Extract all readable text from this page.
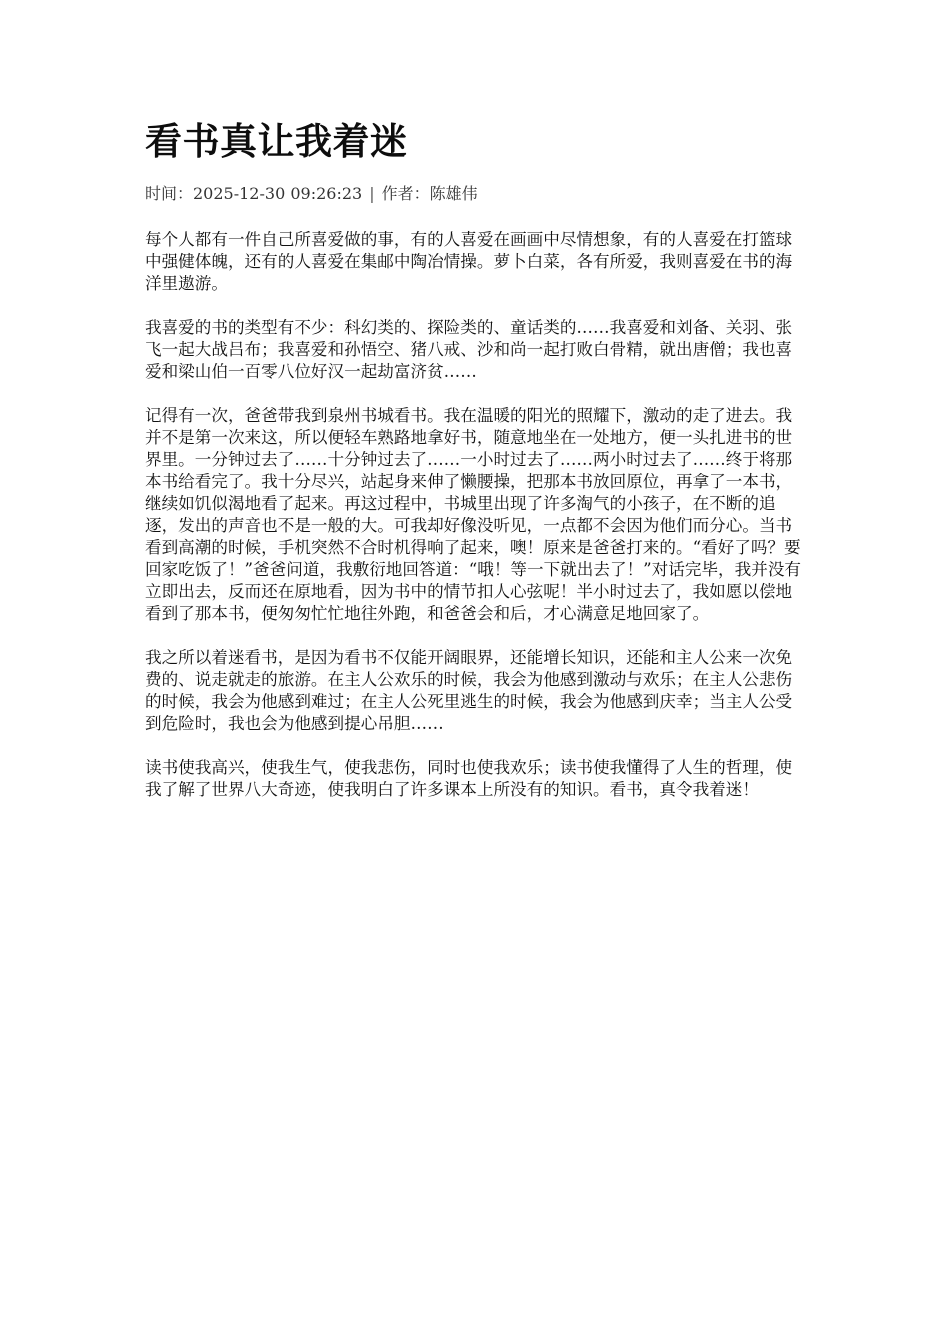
看书真让我着迷
时间：2025-12-30 09:26:23 | 作者：陈雄伟

每个人都有一件自己所喜爱做的事，有的人喜爱在画画中尽情想象，有的人喜爱在打篮球中强健体魄，还有的人喜爱在集邮中陶冶情操。萝卜白菜，各有所爱，我则喜爱在书的海洋里遨游。

我喜爱的书的类型有不少：科幻类的、探险类的、童话类的……我喜爱和刘备、关羽、张飞一起大战吕布；我喜爱和孙悟空、猪八戒、沙和尚一起打败白骨精，就出唐僧；我也喜爱和梁山伯一百零八位好汉一起劫富济贫……

记得有一次，爸爸带我到泉州书城看书。我在温暖的阳光的照耀下，激动的走了进去。我并不是第一次来这，所以便轻车熟路地拿好书，随意地坐在一处地方，便一头扎进书的世界里。一分钟过去了……十分钟过去了……一小时过去了……两小时过去了……终于将那本书给看完了。我十分尽兴，站起身来伸了懒腰操，把那本书放回原位，再拿了一本书，继续如饥似渴地看了起来。再这过程中，书城里出现了许多淘气的小孩子，在不断的追逐，发出的声音也不是一般的大。可我却好像没听见，一点都不会因为他们而分心。当书看到高潮的时候，手机突然不合时机得响了起来，噢！原来是爸爸打来的。“看好了吗？要回家吃饭了！”爸爸问道，我敷衍地回答道：“哦！等一下就出去了！”对话完毕，我并没有立即出去，反而还在原地看，因为书中的情节扣人心弦呢！半小时过去了，我如愿以偿地看到了那本书，便匆匆忙忙地往外跑，和爸爸会和后，才心满意足地回家了。

我之所以着迷看书，是因为看书不仅能开阔眼界，还能增长知识，还能和主人公来一次免费的、说走就走的旅游。在主人公欢乐的时候，我会为他感到激动与欢乐；在主人公悲伤的时候，我会为他感到难过；在主人公死里逃生的时候，我会为他感到庆幸；当主人公受到危险时，我也会为他感到提心吊胆……

读书使我高兴，使我生气，使我悲伤，同时也使我欢乐；读书使我懂得了人生的哲理，使我了解了世界八大奇迹，使我明白了许多课本上所没有的知识。看书，真令我着迷！
